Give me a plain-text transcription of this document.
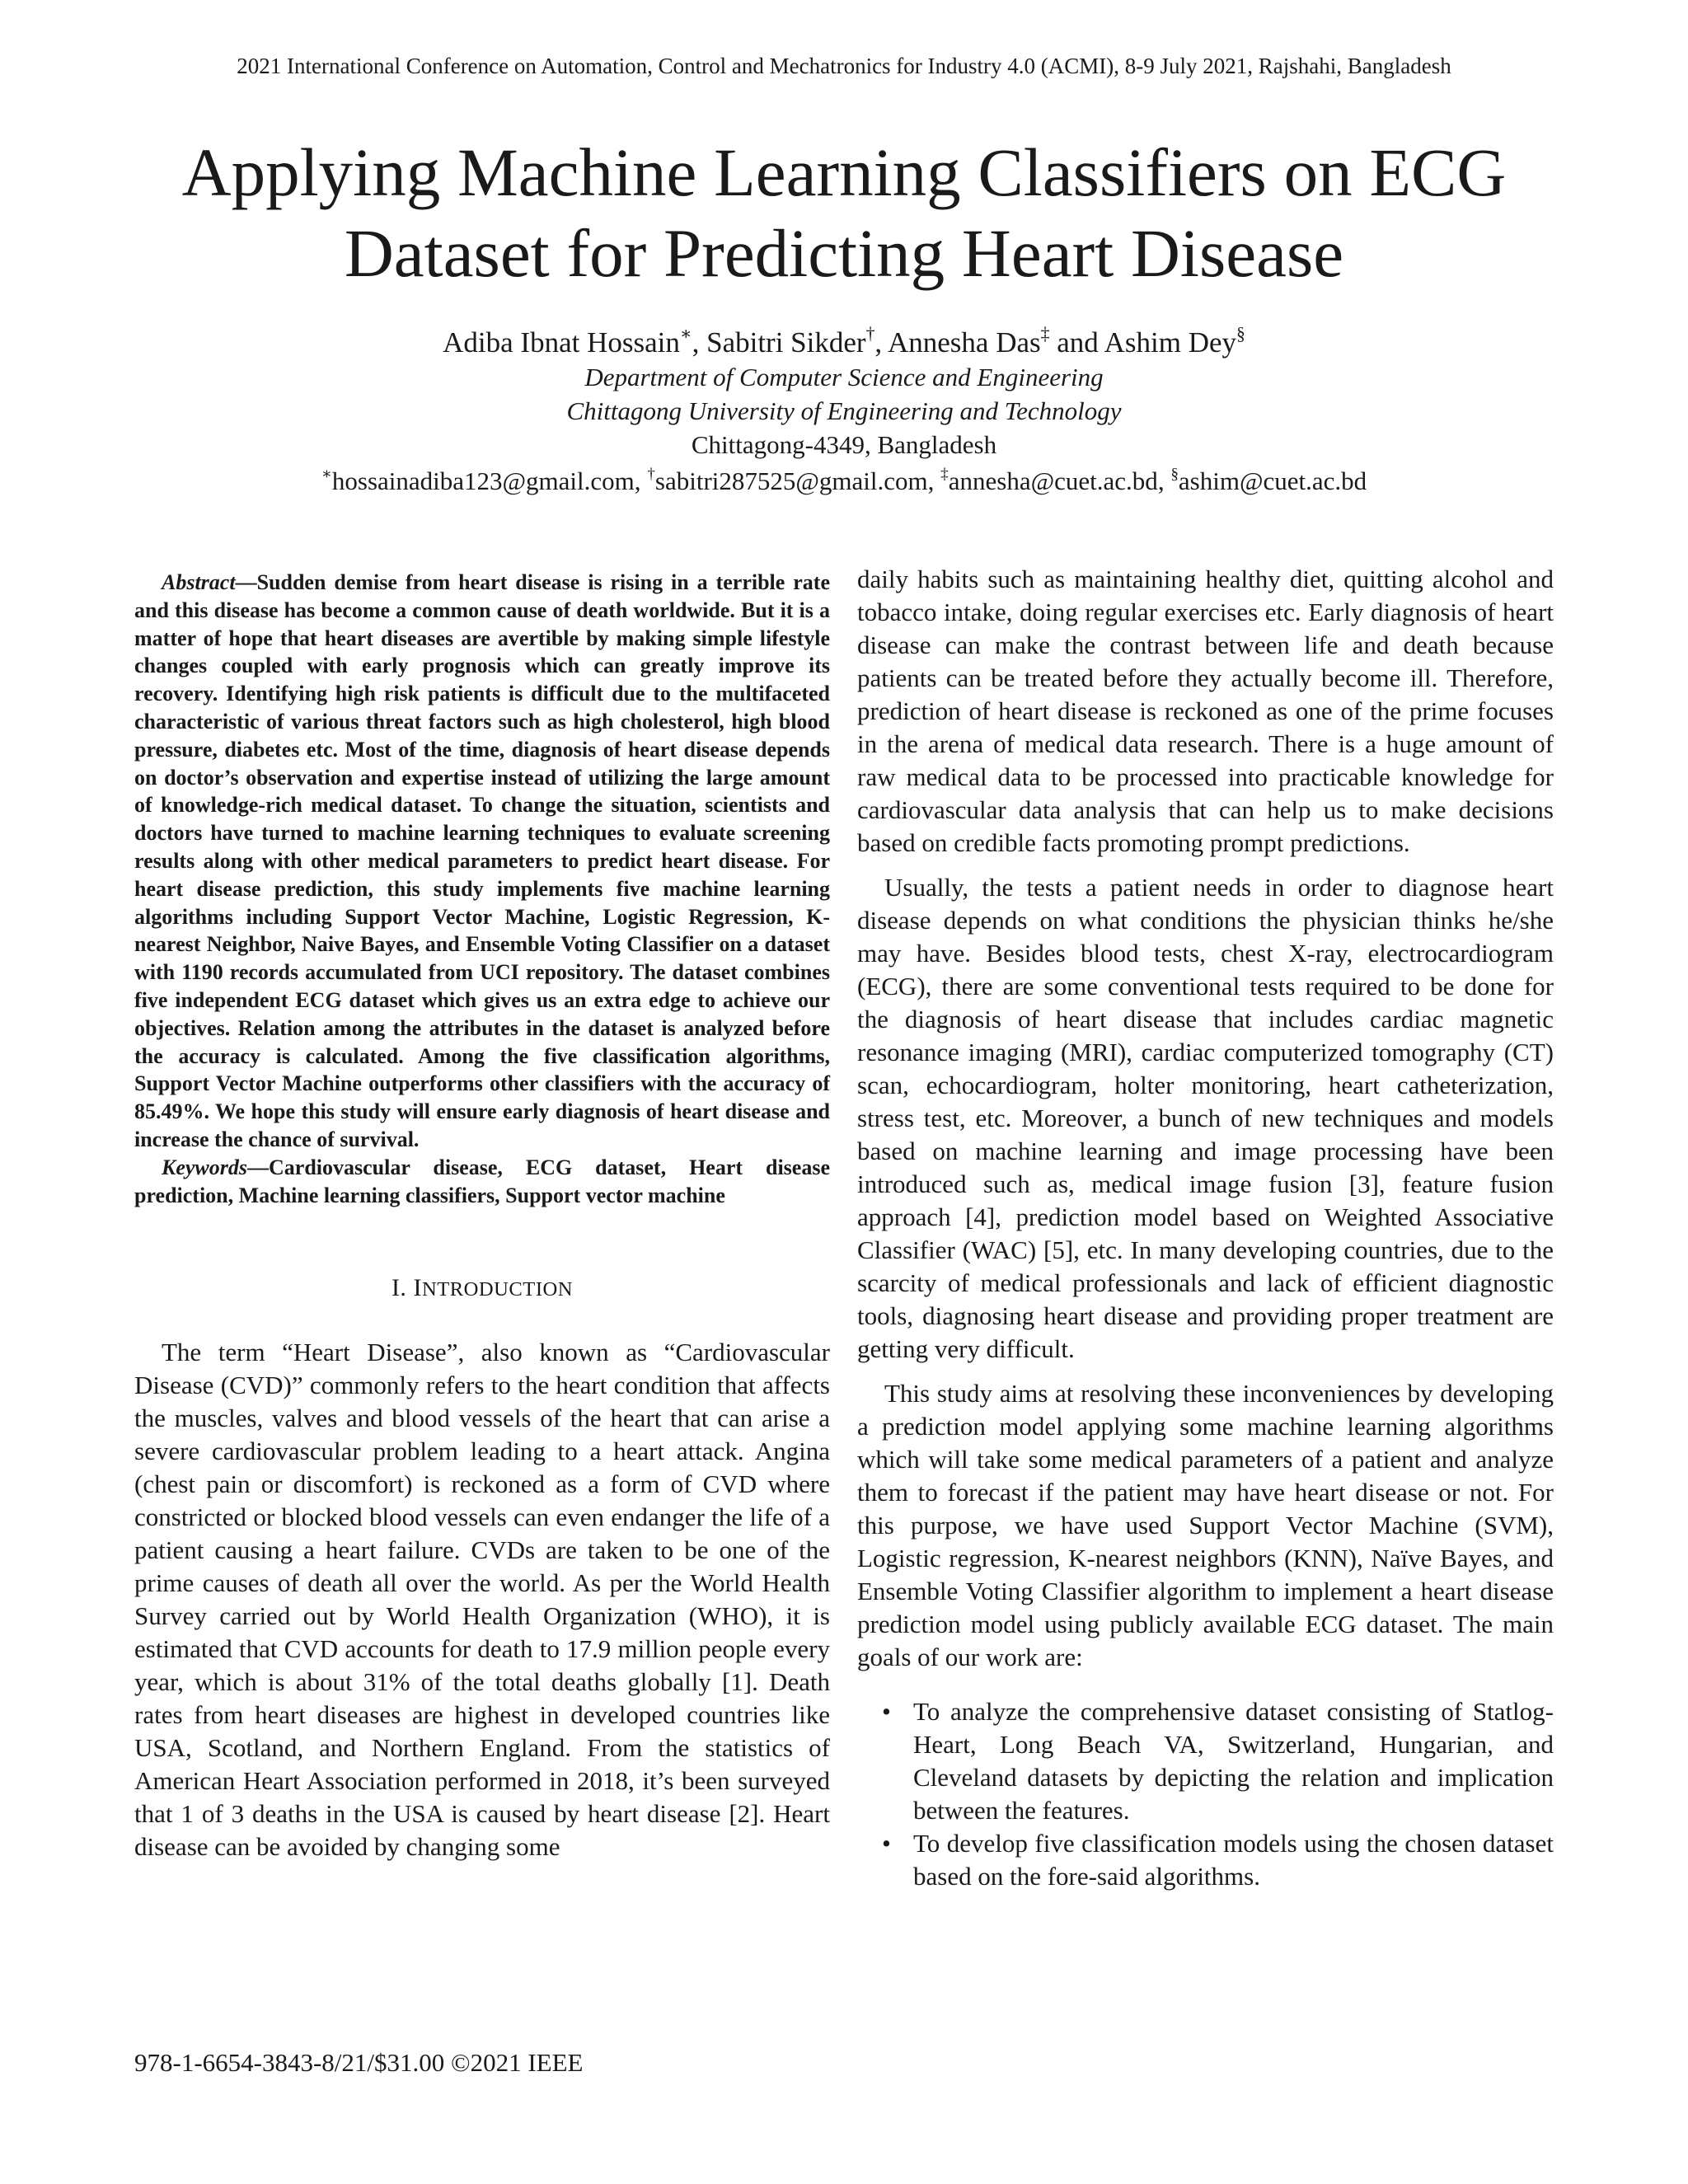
2021 International Conference on Automation, Control and Mechatronics for Industry 4.0 (ACMI), 8-9 July 2021, Rajshahi, Bangladesh
Applying Machine Learning Classifiers on ECG Dataset for Predicting Heart Disease
Adiba Ibnat Hossain∗, Sabitri Sikder†, Annesha Das‡ and Ashim Dey§
Department of Computer Science and Engineering
Chittagong University of Engineering and Technology
Chittagong-4349, Bangladesh
∗hossainadiba123@gmail.com, †sabitri287525@gmail.com, ‡annesha@cuet.ac.bd, §ashim@cuet.ac.bd

Abstract—Sudden demise from heart disease is rising in a terrible rate and this disease has become a common cause of death worldwide. But it is a matter of hope that heart diseases are avertible by making simple lifestyle changes coupled with early prognosis which can greatly improve its recovery. Identifying high risk patients is difficult due to the multifaceted characteristic of various threat factors such as high cholesterol, high blood pressure, diabetes etc. Most of the time, diagnosis of heart disease depends on doctor’s observation and expertise instead of utilizing the large amount of knowledge-rich medical dataset. To change the situation, scientists and doctors have turned to machine learning techniques to evaluate screening results along with other medical parameters to predict heart disease. For heart disease prediction, this study implements five machine learning algorithms including Support Vector Machine, Logistic Regression, K-nearest Neighbor, Naive Bayes, and Ensemble Voting Classifier on a dataset with 1190 records accumulated from UCI repository. The dataset combines five independent ECG dataset which gives us an extra edge to achieve our objectives. Relation among the attributes in the dataset is analyzed before the accuracy is calculated. Among the five classification algorithms, Support Vector Machine outperforms other classifiers with the accuracy of 85.49%. We hope this study will ensure early diagnosis of heart disease and increase the chance of survival.

Keywords—Cardiovascular disease, ECG dataset, Heart disease prediction, Machine learning classifiers, Support vector machine

I. INTRODUCTION

The term “Heart Disease”, also known as “Cardiovascular Disease (CVD)” commonly refers to the heart condition that affects the muscles, valves and blood vessels of the heart that can arise a severe cardiovascular problem leading to a heart attack. Angina (chest pain or discomfort) is reckoned as a form of CVD where constricted or blocked blood vessels can even endanger the life of a patient causing a heart failure. CVDs are taken to be one of the prime causes of death all over the world. As per the World Health Survey carried out by World Health Organization (WHO), it is estimated that CVD accounts for death to 17.9 million people every year, which is about 31% of the total deaths globally [1]. Death rates from heart diseases are highest in developed countries like USA, Scotland, and Northern England. From the statistics of American Heart Association performed in 2018, it’s been surveyed that 1 of 3 deaths in the USA is caused by heart disease [2]. Heart disease can be avoided by changing some

daily habits such as maintaining healthy diet, quitting alcohol and tobacco intake, doing regular exercises etc. Early diagnosis of heart disease can make the contrast between life and death because patients can be treated before they actually become ill. Therefore, prediction of heart disease is reckoned as one of the prime focuses in the arena of medical data research. There is a huge amount of raw medical data to be processed into practicable knowledge for cardiovascular data analysis that can help us to make decisions based on credible facts promoting prompt predictions.

Usually, the tests a patient needs in order to diagnose heart disease depends on what conditions the physician thinks he/she may have. Besides blood tests, chest X-ray, electrocardiogram (ECG), there are some conventional tests required to be done for the diagnosis of heart disease that includes cardiac magnetic resonance imaging (MRI), cardiac computerized tomography (CT) scan, echocardiogram, holter monitoring, heart catheterization, stress test, etc. Moreover, a bunch of new techniques and models based on machine learning and image processing have been introduced such as, medical image fusion [3], feature fusion approach [4], prediction model based on Weighted Associative Classifier (WAC) [5], etc. In many developing countries, due to the scarcity of medical professionals and lack of efficient diagnostic tools, diagnosing heart disease and providing proper treatment are getting very difficult.

This study aims at resolving these inconveniences by developing a prediction model applying some machine learning algorithms which will take some medical parameters of a patient and analyze them to forecast if the patient may have heart disease or not. For this purpose, we have used Support Vector Machine (SVM), Logistic regression, K-nearest neighbors (KNN), Naïve Bayes, and Ensemble Voting Classifier algorithm to implement a heart disease prediction model using publicly available ECG dataset. The main goals of our work are:

• To analyze the comprehensive dataset consisting of Statlog-Heart, Long Beach VA, Switzerland, Hungarian, and Cleveland datasets by depicting the relation and implication between the features.
• To develop five classification models using the chosen dataset based on the fore-said algorithms.
978-1-6654-3843-8/21/$31.00 ©2021 IEEE
